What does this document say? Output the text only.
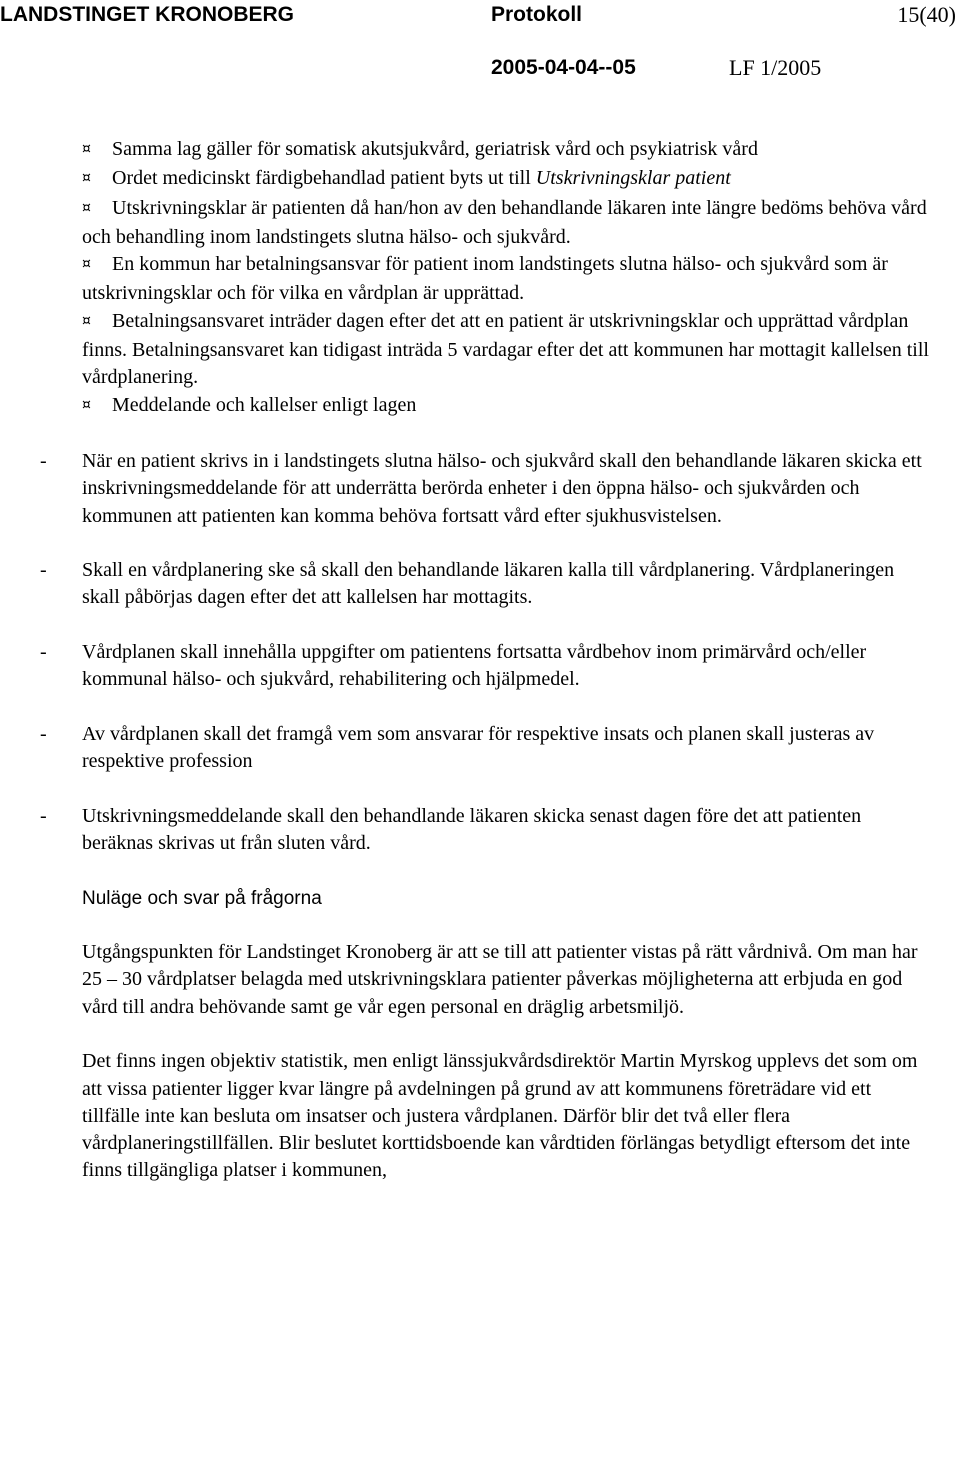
LANDSTINGET KRONOBERG	Protokoll	15(40)
2005-04-04--05	LF 1/2005

¤ Samma lag gäller för somatisk akutsjukvård, geriatrisk vård och psykiatrisk vård

¤ Ordet medicinskt färdigbehandlad patient byts ut till Utskrivningsklar patient

¤ Utskrivningsklar är patienten då han/hon av den behandlande läkaren inte längre bedöms behöva vård och behandling inom landstingets slutna hälso- och sjukvård.

¤ En kommun har betalningsansvar för patient inom landstingets slutna hälso- och sjukvård som är utskrivningsklar och för vilka en vårdplan är upprättad.

¤ Betalningsansvaret inträder dagen efter det att en patient är utskrivningsklar och upprättad vårdplan finns. Betalningsansvaret kan tidigast inträda 5 vardagar efter det att kommunen har mottagit kallelsen till vårdplanering.

¤ Meddelande och kallelser enligt lagen

- När en patient skrivs in i landstingets slutna hälso- och sjukvård skall den behandlande läkaren skicka ett inskrivningsmeddelande för att underrätta berörda enheter i den öppna hälso- och sjukvården och kommunen att patienten kan komma behöva fortsatt vård efter sjukhusvistelsen.

- Skall en vårdplanering ske så skall den behandlande läkaren kalla till vårdplanering. Vårdplaneringen skall påbörjas dagen efter det att kallelsen har mottagits.

- Vårdplanen skall innehålla uppgifter om patientens fortsatta vårdbehov inom primärvård och/eller kommunal hälso- och sjukvård, rehabilitering och hjälpmedel.

- Av vårdplanen skall det framgå vem som ansvarar för respektive insats och planen skall justeras av respektive profession

- Utskrivningsmeddelande skall den behandlande läkaren skicka senast dagen före det att patienten beräknas skrivas ut från sluten vård.

Nuläge och svar på frågorna

Utgångspunkten för Landstinget Kronoberg är att se till att patienter vistas på rätt vårdnivå. Om man har 25 – 30 vårdplatser belagda med utskrivningsklara patienter påverkas möjligheterna att erbjuda en god vård till andra behövande samt ge vår egen personal en dräglig arbetsmiljö.

Det finns ingen objektiv statistik, men enligt länssjukvårdsdirektör Martin Myrskog upplevs det som om att vissa patienter ligger kvar längre på avdelningen på grund av att kommunens företrädare vid ett tillfälle inte kan besluta om insatser och justera vårdplanen. Därför blir det två eller flera vårdplaneringstillfällen. Blir beslutet korttidsboende kan vårdtiden förlängas betydligt eftersom det inte finns tillgängliga platser i kommunen,
